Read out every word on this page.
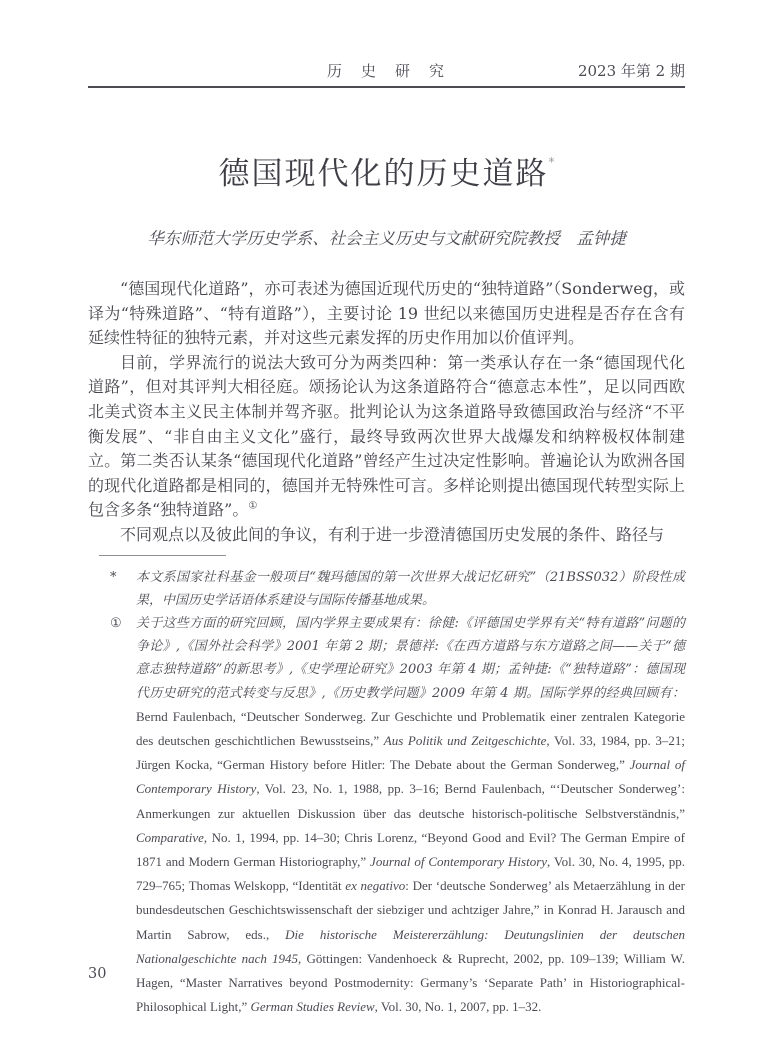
历　史　研　究	2023 年第 2 期
德国现代化的历史道路*
华东师范大学历史学系、社会主义历史与文献研究院教授　孟钟捷

“德国现代化道路”，亦可表述为德国近现代历史的“独特道路”（Sonderweg，或译为“特殊道路”、“特有道路”），主要讨论 19 世纪以来德国历史进程是否存在含有延续性特征的独特元素，并对这些元素发挥的历史作用加以价值评判。

目前，学界流行的说法大致可分为两类四种：第一类承认存在一条“德国现代化道路”，但对其评判大相径庭。颂扬论认为这条道路符合“德意志本性”，足以同西欧北美式资本主义民主体制并驾齐驱。批判论认为这条道路导致德国政治与经济“不平衡发展”、“非自由主义文化”盛行，最终导致两次世界大战爆发和纳粹极权体制建立。第二类否认某条“德国现代化道路”曾经产生过决定性影响。普遍论认为欧洲各国的现代化道路都是相同的，德国并无特殊性可言。多样论则提出德国现代转型实际上包含多条“独特道路”。①

不同观点以及彼此间的争议，有利于进一步澄清德国历史发展的条件、路径与

*	本文系国家社科基金一般项目“魏玛德国的第一次世界大战记忆研究”（21BSS032）阶段性成果，中国历史学话语体系建设与国际传播基地成果。
①	关于这些方面的研究回顾，国内学界主要成果有：徐健:《评德国史学界有关“特有道路”问题的争论》,《国外社会科学》2001 年第 2 期；景德祥:《在西方道路与东方道路之间——关于“德意志独特道路”的新思考》,《史学理论研究》2003 年第 4 期；孟钟捷:《“独特道路”：德国现代历史研究的范式转变与反思》,《历史教学问题》2009 年第 4 期。国际学界的经典回顾有：Bernd Faulenbach, “Deutscher Sonderweg. Zur Geschichte und Problematik einer zentralen Kategorie des deutschen geschichtlichen Bewusstseins,” Aus Politik und Zeitgeschichte, Vol. 33, 1984, pp. 3–21; Jürgen Kocka, “German History before Hitler: The Debate about the German Sonderweg,” Journal of Contemporary History, Vol. 23, No. 1, 1988, pp. 3–16; Bernd Faulenbach, “‘Deutscher Sonderweg’: Anmerkungen zur aktuellen Diskussion über das deutsche historisch-politische Selbstverständnis,” Comparative, No. 1, 1994, pp. 14–30; Chris Lorenz, “Beyond Good and Evil? The German Empire of 1871 and Modern German Historiography,” Journal of Contemporary History, Vol. 30, No. 4, 1995, pp. 729–765; Thomas Welskopp, “Identität ex negativo: Der ‘deutsche Sonderweg’ als Metaerzählung in der bundesdeutschen Geschichtswissenschaft der siebziger und achtziger Jahre,” in Konrad H. Jarausch and Martin Sabrow, eds., Die historische Meistererzählung: Deutungslinien der deutschen Nationalgeschichte nach 1945, Göttingen: Vandenhoeck & Ruprecht, 2002, pp. 109–139; William W. Hagen, “Master Narratives beyond Postmodernity: Germany’s ‘Separate Path’ in Historiographical-Philosophical Light,” German Studies Review, Vol. 30, No. 1, 2007, pp. 1–32.
30
